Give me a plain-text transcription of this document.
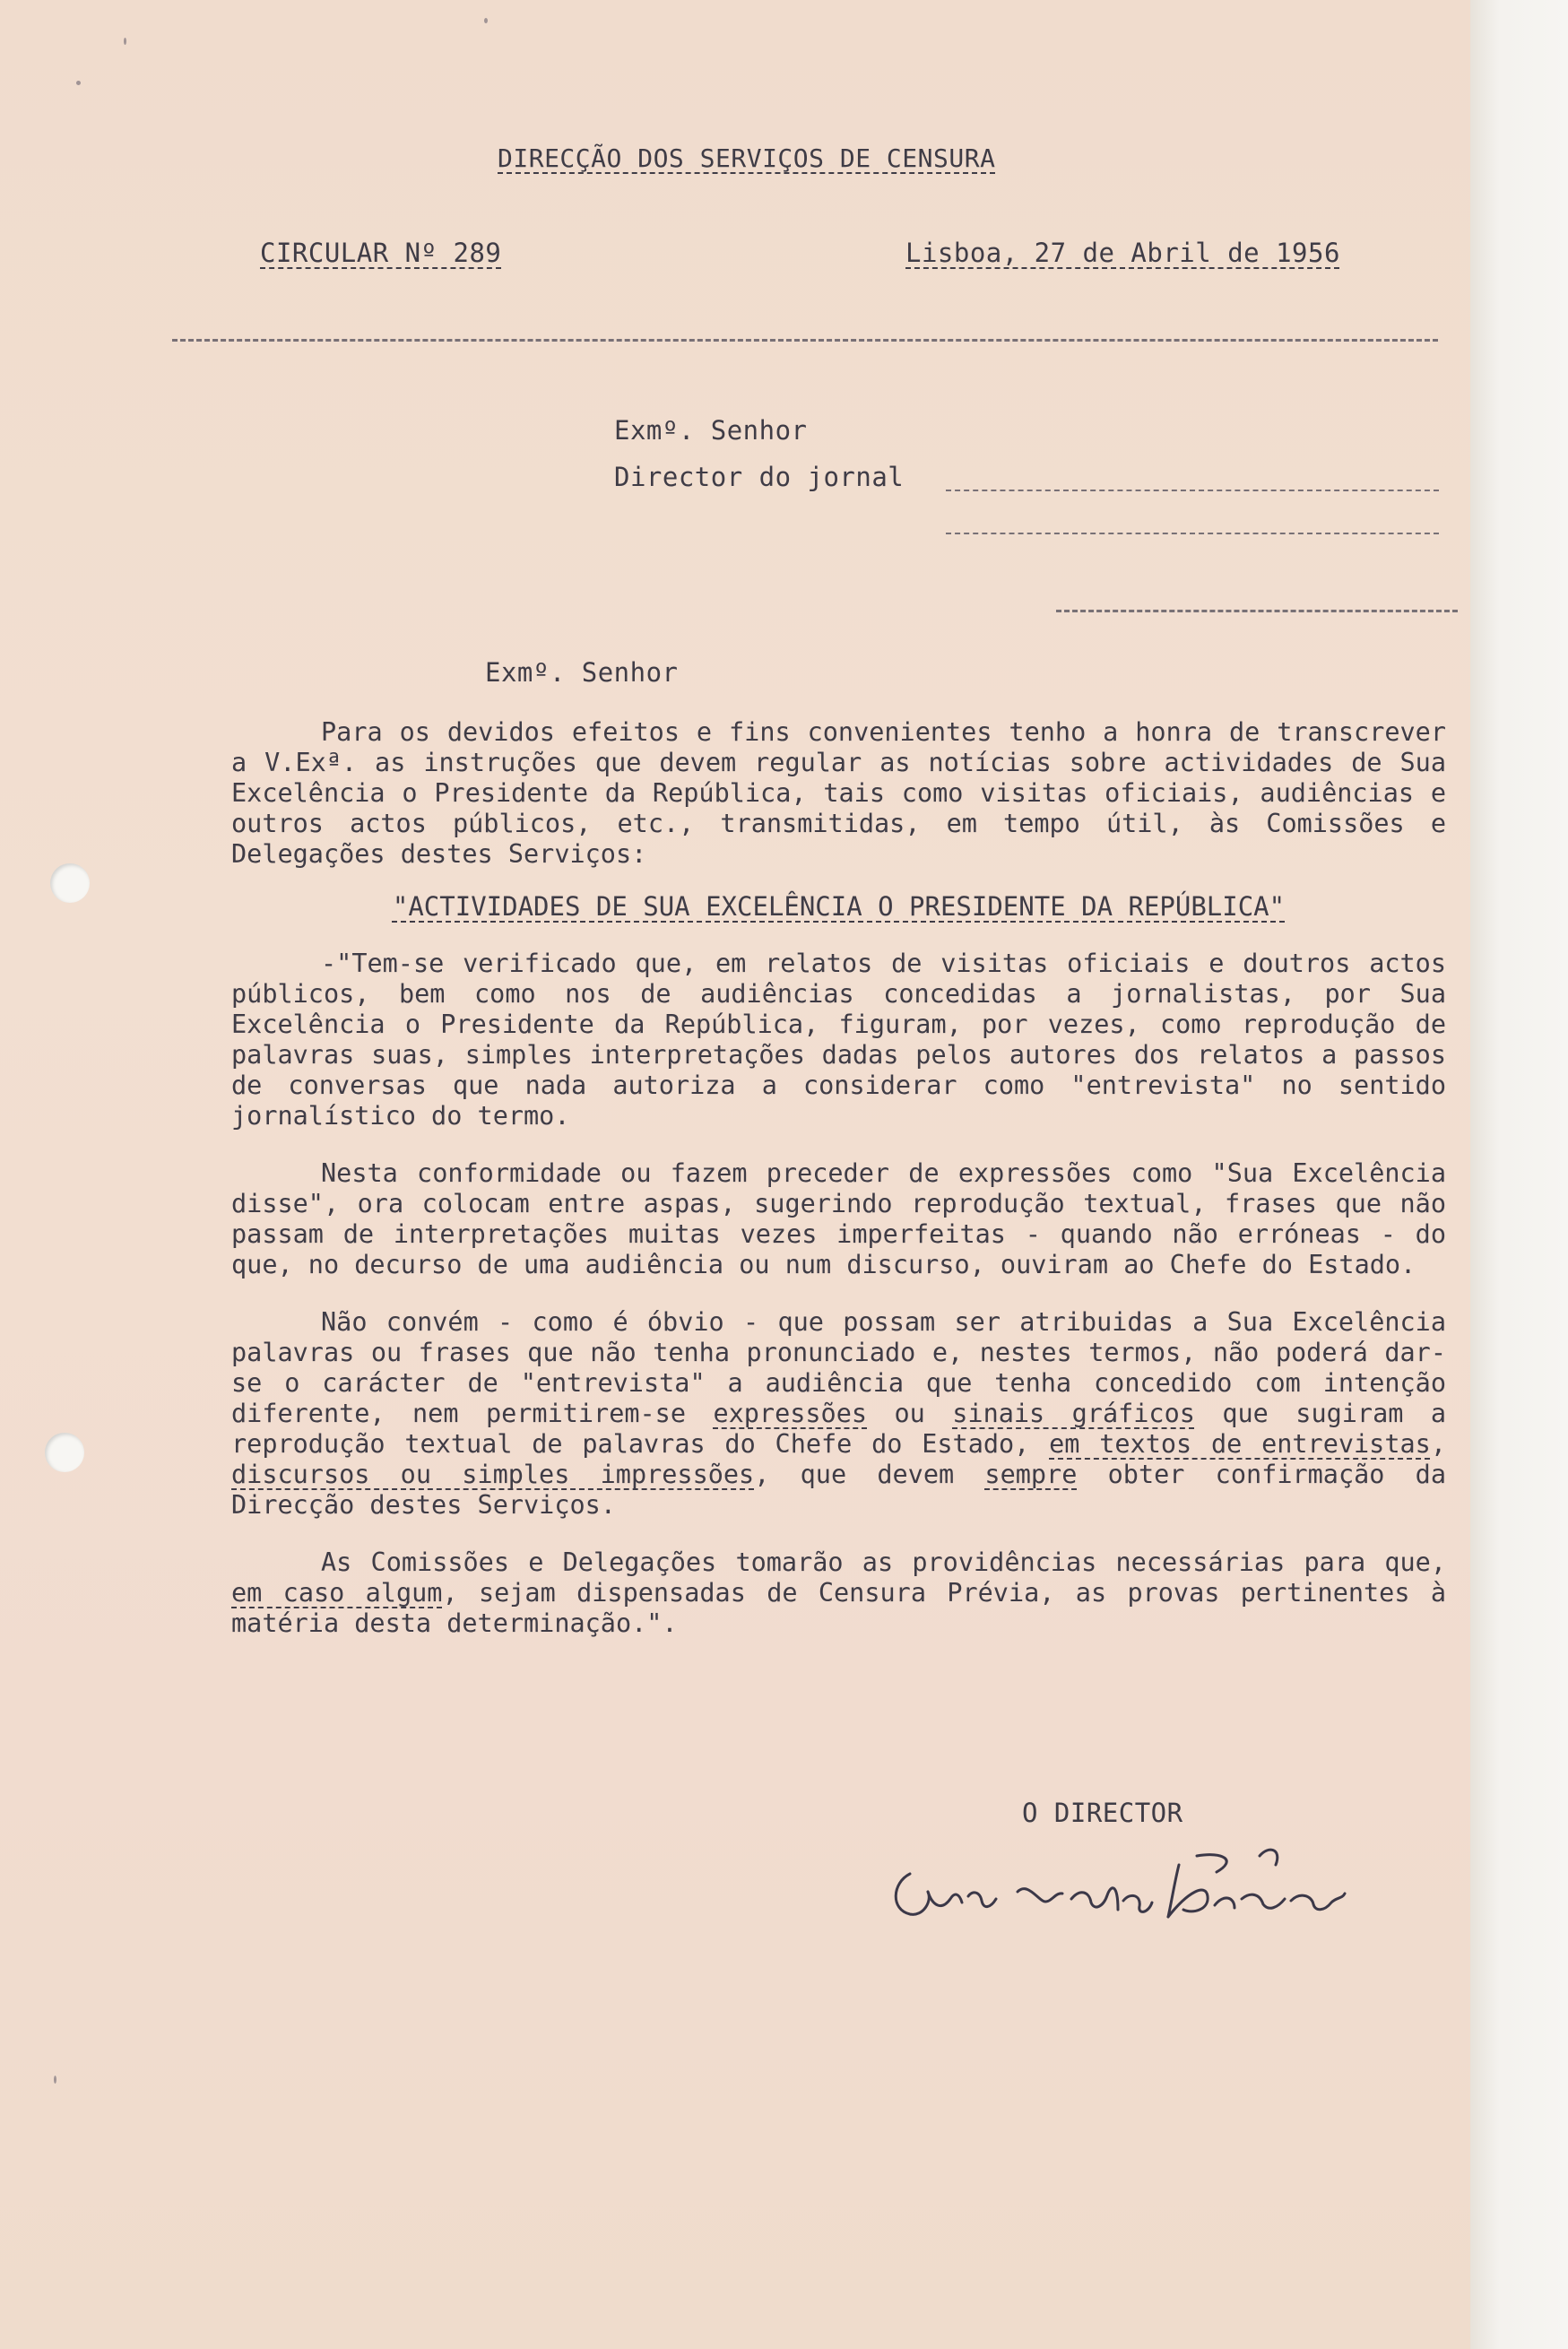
DIRECÇÃO DOS SERVIÇOS DE CENSURA
CIRCULAR Nº 289	Lisboa, 27 de Abril de 1956
Exmº. Senhor
Director do jornal
Exmº. Senhor

Para os devidos efeitos e fins convenientes tenho a honra de transcrever a V.Exª. as instruções que devem regular as notícias sobre actividades de Sua Excelência o Presidente da República, tais como visitas oficiais, audiências e outros actos públicos, etc., transmitidas, em tempo útil, às Comissões e Delegações destes Serviços:

"ACTIVIDADES DE SUA EXCELÊNCIA O PRESIDENTE DA REPÚBLICA"

-"Tem-se verificado que, em relatos de visitas oficiais e doutros actos públicos, bem como nos de audiências concedidas a jornalistas, por Sua Excelência o Presidente da República, figuram, por vezes, como reprodução de palavras suas, simples interpretações dadas pelos autores dos relatos a passos de conversas que nada autoriza a considerar como "entrevista" no sentido jornalístico do termo.

Nesta conformidade ou fazem preceder de expressões como "Sua Excelência disse", ora colocam entre aspas, sugerindo reprodução textual, frases que não passam de interpretações muitas vezes imperfeitas - quando não erróneas - do que, no decurso de uma audiência ou num discurso, ouviram ao Chefe do Estado.

Não convém - como é óbvio - que possam ser atribuidas a Sua Excelência palavras ou frases que não tenha pronunciado e, nestes termos, não poderá dar-se o carácter de "entrevista" a audiência que tenha concedido com intenção diferente, nem permitirem-se expressões ou sinais gráficos que sugiram a reprodução textual de palavras do Chefe do Estado, em textos de entrevistas, discursos ou simples impressões, que devem sempre obter confirmação da Direcção destes Serviços.

As Comissões e Delegações tomarão as providências necessárias para que, em caso algum, sejam dispensadas de Censura Prévia, as provas pertinentes à matéria desta determinação.".

O DIRECTOR
